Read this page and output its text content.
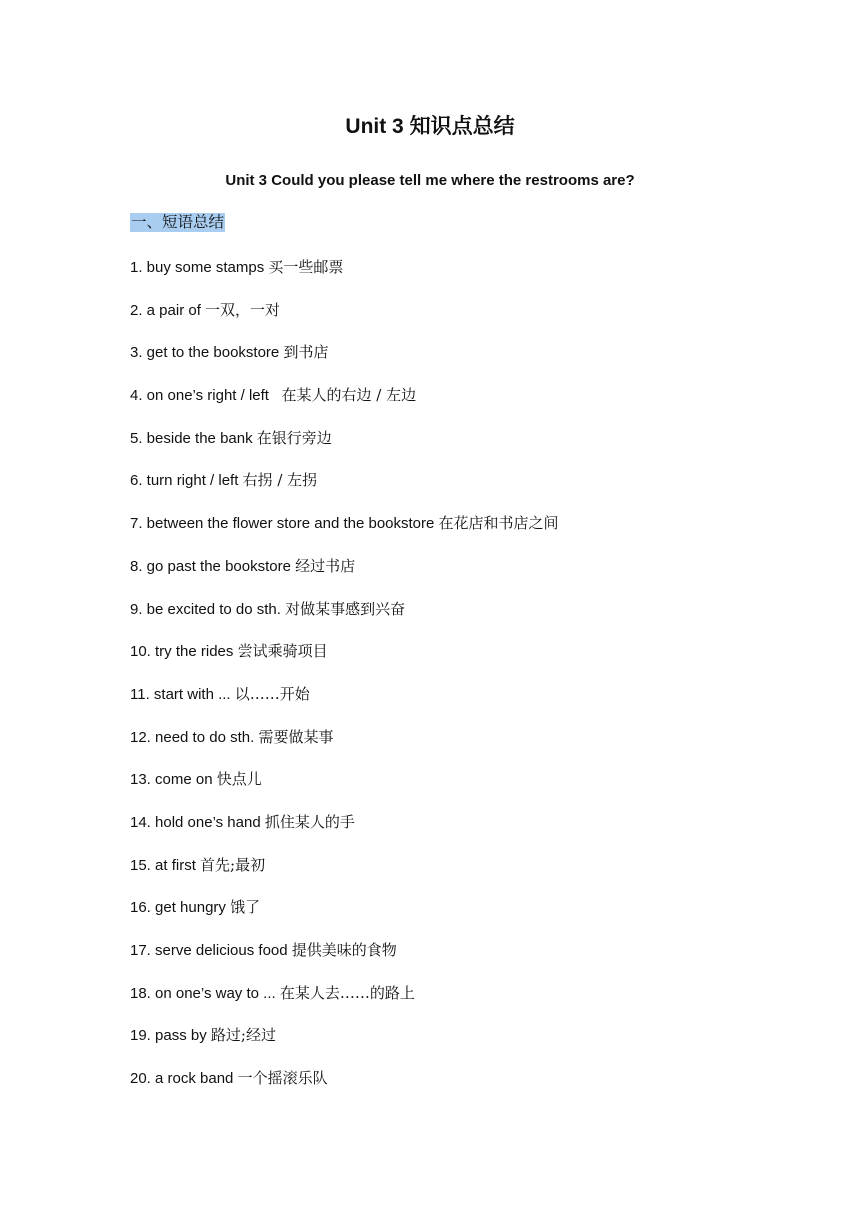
Unit 3 知识点总结
Unit 3 Could you please tell me where the restrooms are?

一、短语总结

1. buy some stamps 买一些邮票
2. a pair of 一双，一对
3. get to the bookstore 到书店
4. on one’s right / left   在某人的右边 / 左边
5. beside the bank 在银行旁边
6. turn right / left 右拐 / 左拐
7. between the flower store and the bookstore 在花店和书店之间
8. go past the bookstore 经过书店
9. be excited to do sth. 对做某事感到兴奋
10. try the rides 尝试乘骑项目
11. start with ... 以……开始
12. need to do sth. 需要做某事
13. come on 快点儿
14. hold one’s hand 抓住某人的手
15. at first 首先;最初
16. get hungry 饿了
17. serve delicious food 提供美味的食物
18. on one’s way to ... 在某人去……的路上
19. pass by 路过;经过
20. a rock band 一个摇滚乐队
